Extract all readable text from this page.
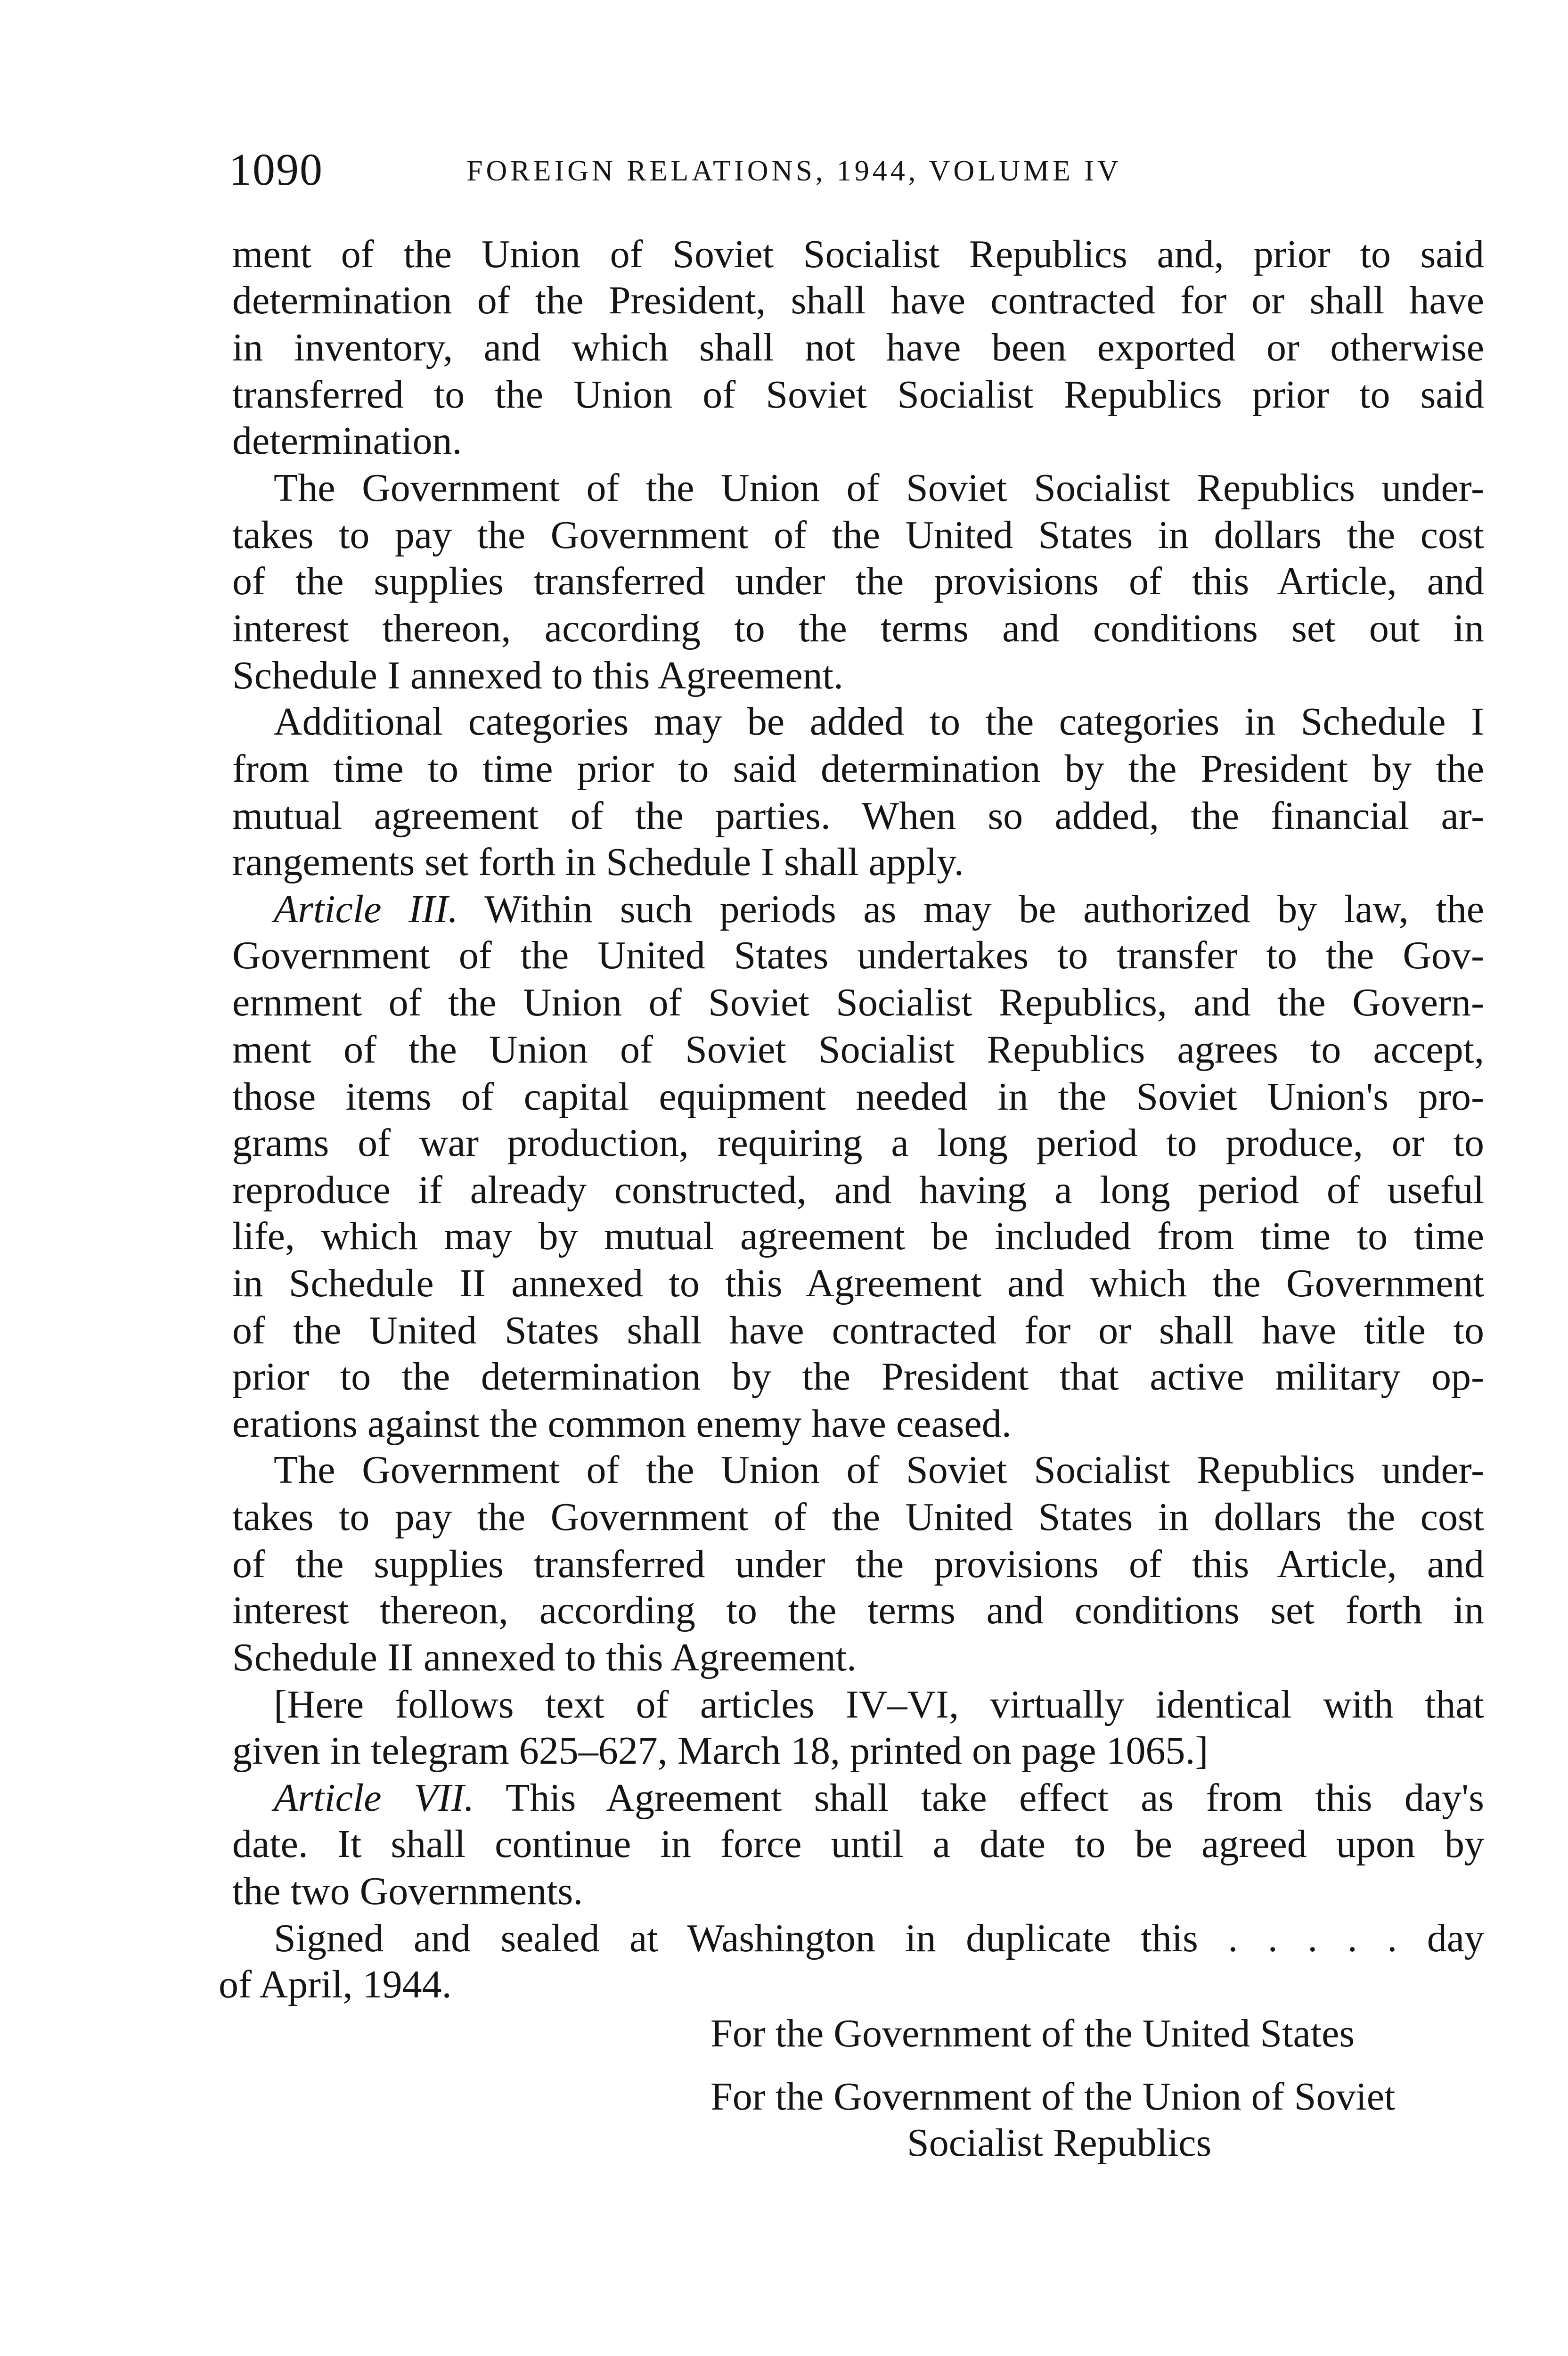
1090	FOREIGN RELATIONS, 1944, VOLUME IV
ment of the Union of Soviet Socialist Republics and, prior to said
determination of the President, shall have contracted for or shall have
in inventory, and which shall not have been exported or otherwise
transferred to the Union of Soviet Socialist Republics prior to said
determination.
The Government of the Union of Soviet Socialist Republics under-
takes to pay the Government of the United States in dollars the cost
of the supplies transferred under the provisions of this Article, and
interest thereon, according to the terms and conditions set out in
Schedule I annexed to this Agreement.
Additional categories may be added to the categories in Schedule I
from time to time prior to said determination by the President by the
mutual agreement of the parties. When so added, the financial ar-
rangements set forth in Schedule I shall apply.
Article III. Within such periods as may be authorized by law, the
Government of the United States undertakes to transfer to the Gov-
ernment of the Union of Soviet Socialist Republics, and the Govern-
ment of the Union of Soviet Socialist Republics agrees to accept,
those items of capital equipment needed in the Soviet Union's pro-
grams of war production, requiring a long period to produce, or to
reproduce if already constructed, and having a long period of useful
life, which may by mutual agreement be included from time to time
in Schedule II annexed to this Agreement and which the Government
of the United States shall have contracted for or shall have title to
prior to the determination by the President that active military op-
erations against the common enemy have ceased.
The Government of the Union of Soviet Socialist Republics under-
takes to pay the Government of the United States in dollars the cost
of the supplies transferred under the provisions of this Article, and
interest thereon, according to the terms and conditions set forth in
Schedule II annexed to this Agreement.
[Here follows text of articles IV–VI, virtually identical with that
given in telegram 625–627, March 18, printed on page 1065.]
Article VII. This Agreement shall take effect as from this day's
date. It shall continue in force until a date to be agreed upon by
the two Governments.
Signed and sealed at Washington in duplicate this . . . . . day
of April, 1944.
For the Government of the United States
For the Government of the Union of Soviet
Socialist Republics
